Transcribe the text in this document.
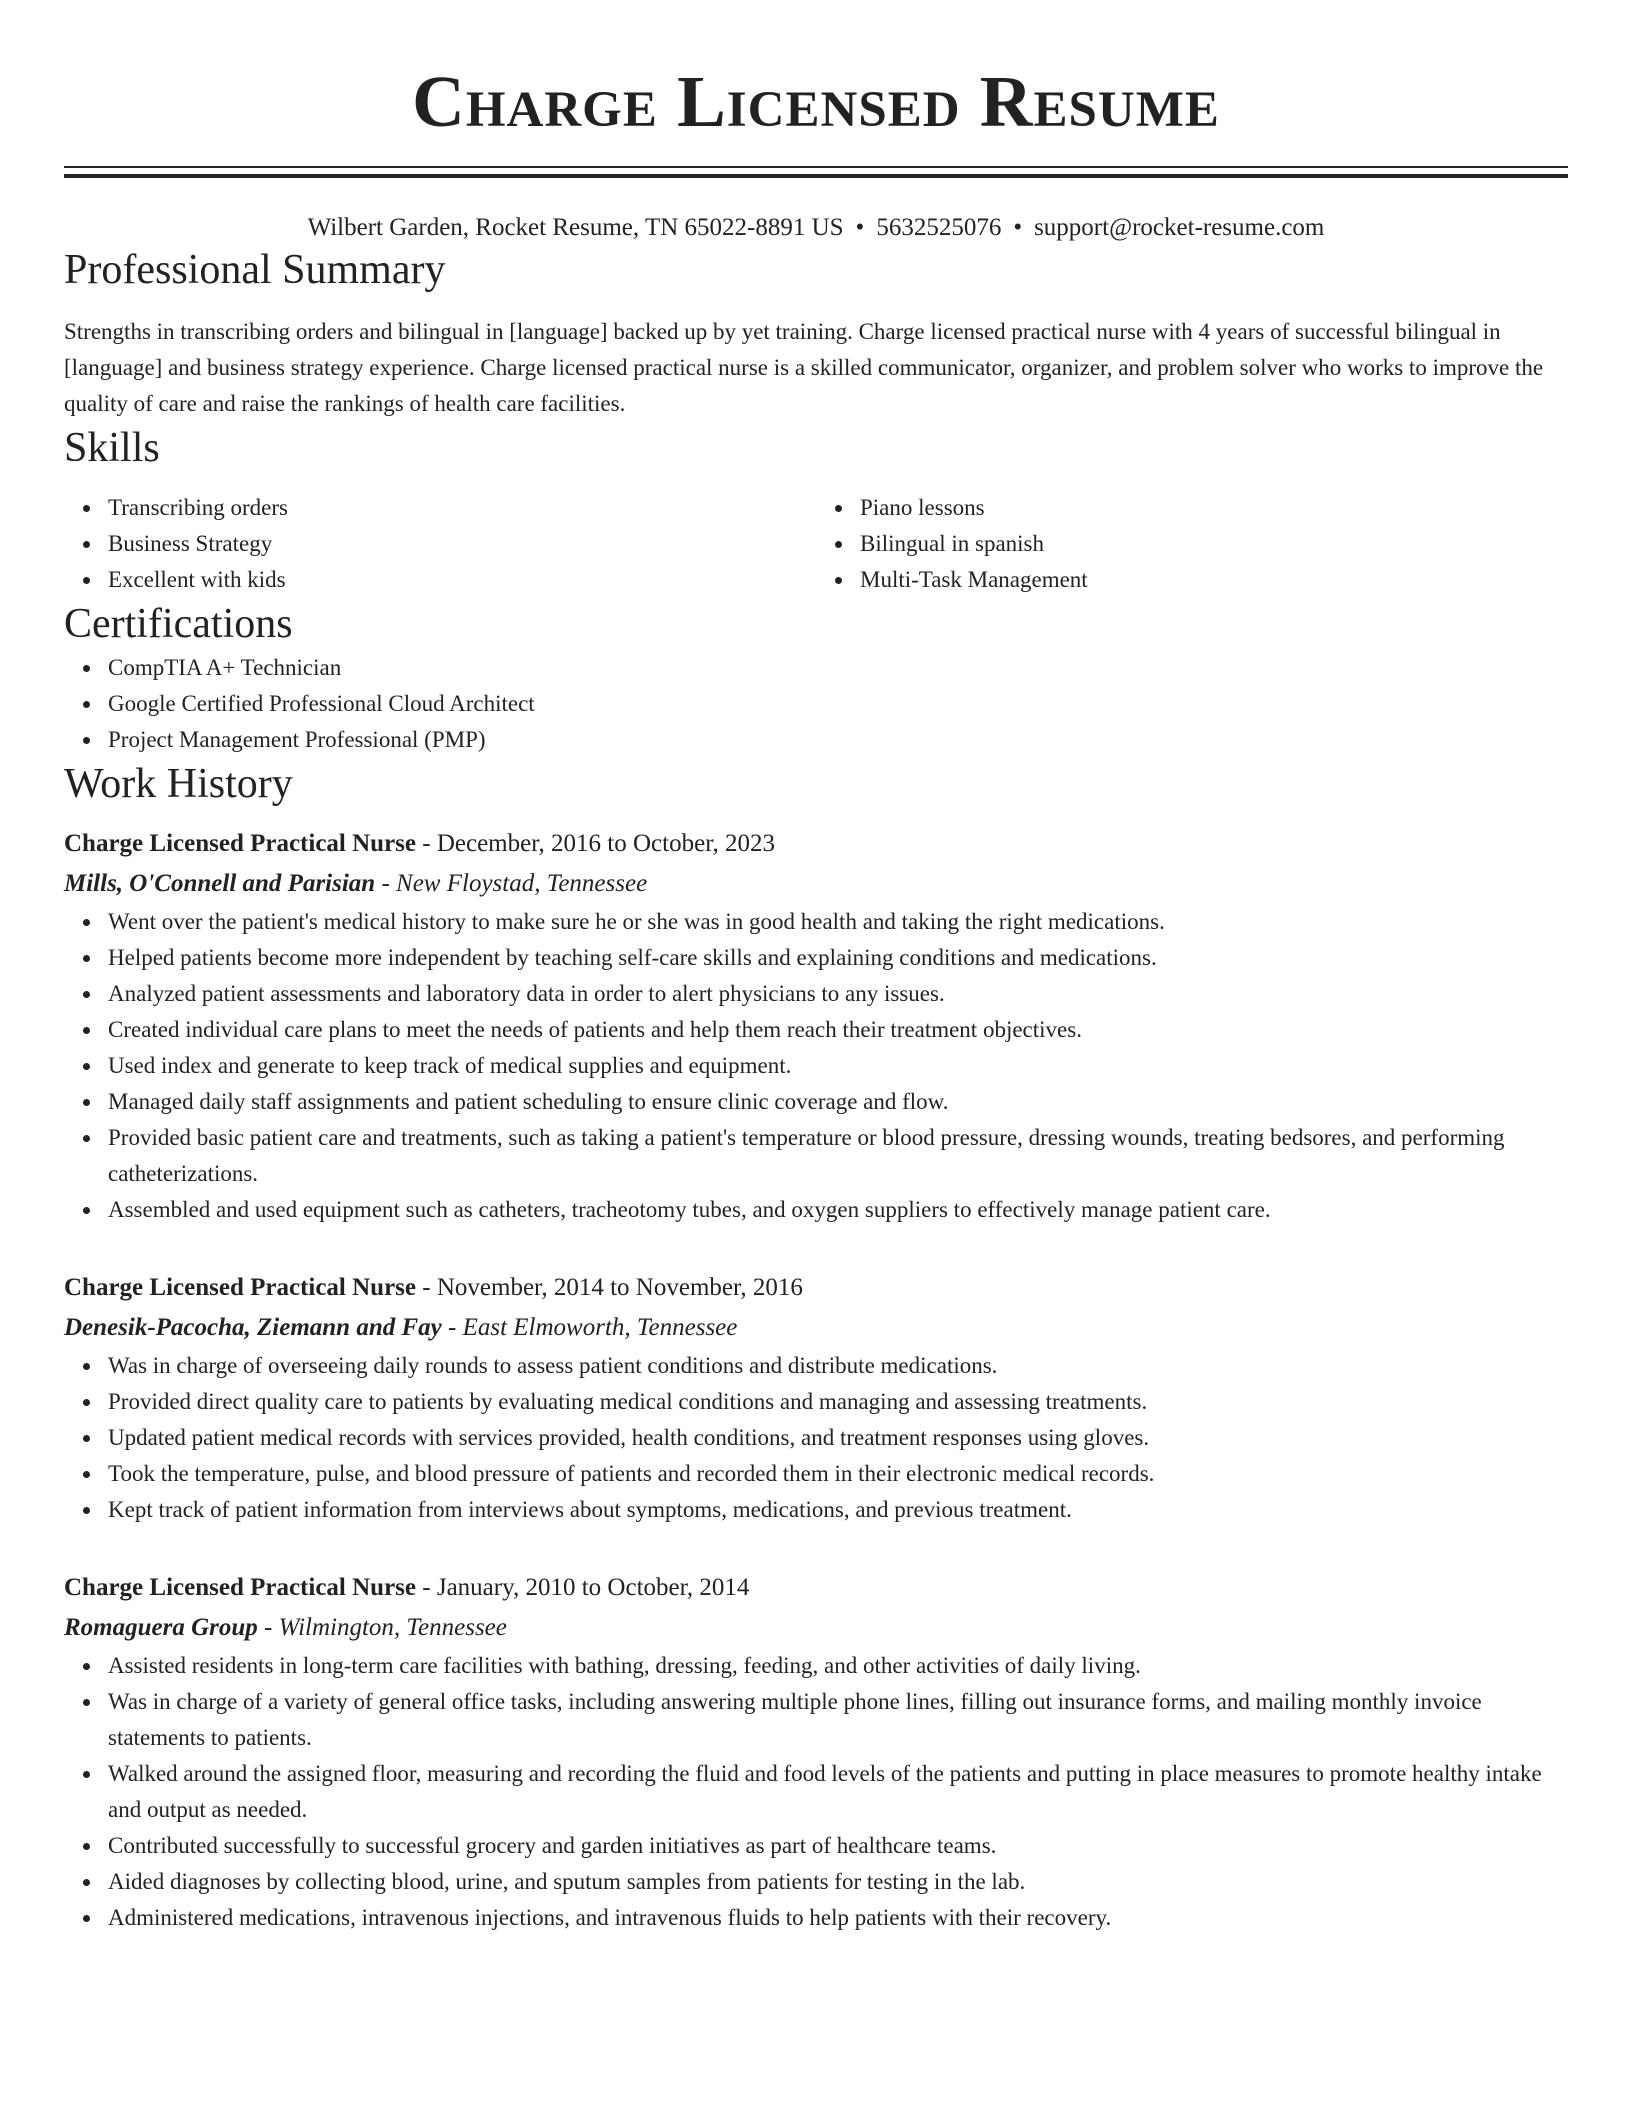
Charge Licensed Resume
Wilbert Garden, Rocket Resume, TN 65022-8891 US • 5632525076 • support@rocket-resume.com
Professional Summary

Strengths in transcribing orders and bilingual in [language] backed up by yet training. Charge licensed practical nurse with 4 years of successful bilingual in [language] and business strategy experience. Charge licensed practical nurse is a skilled communicator, organizer, and problem solver who works to improve the quality of care and raise the rankings of health care facilities.

Skills
Transcribing orders
Business Strategy
Excellent with kids
Piano lessons
Bilingual in spanish
Multi-Task Management
Certifications
CompTIA A+ Technician
Google Certified Professional Cloud Architect
Project Management Professional (PMP)
Work History
Charge Licensed Practical Nurse - December, 2016 to October, 2023
Mills, O'Connell and Parisian - New Floystad, Tennessee
Went over the patient's medical history to make sure he or she was in good health and taking the right medications.
Helped patients become more independent by teaching self-care skills and explaining conditions and medications.
Analyzed patient assessments and laboratory data in order to alert physicians to any issues.
Created individual care plans to meet the needs of patients and help them reach their treatment objectives.
Used index and generate to keep track of medical supplies and equipment.
Managed daily staff assignments and patient scheduling to ensure clinic coverage and flow.
Provided basic patient care and treatments, such as taking a patient's temperature or blood pressure, dressing wounds, treating bedsores, and performing catheterizations.
Assembled and used equipment such as catheters, tracheotomy tubes, and oxygen suppliers to effectively manage patient care.
Charge Licensed Practical Nurse - November, 2014 to November, 2016
Denesik-Pacocha, Ziemann and Fay - East Elmoworth, Tennessee
Was in charge of overseeing daily rounds to assess patient conditions and distribute medications.
Provided direct quality care to patients by evaluating medical conditions and managing and assessing treatments.
Updated patient medical records with services provided, health conditions, and treatment responses using gloves.
Took the temperature, pulse, and blood pressure of patients and recorded them in their electronic medical records.
Kept track of patient information from interviews about symptoms, medications, and previous treatment.
Charge Licensed Practical Nurse - January, 2010 to October, 2014
Romaguera Group - Wilmington, Tennessee
Assisted residents in long-term care facilities with bathing, dressing, feeding, and other activities of daily living.
Was in charge of a variety of general office tasks, including answering multiple phone lines, filling out insurance forms, and mailing monthly invoice statements to patients.
Walked around the assigned floor, measuring and recording the fluid and food levels of the patients and putting in place measures to promote healthy intake and output as needed.
Contributed successfully to successful grocery and garden initiatives as part of healthcare teams.
Aided diagnoses by collecting blood, urine, and sputum samples from patients for testing in the lab.
Administered medications, intravenous injections, and intravenous fluids to help patients with their recovery.
